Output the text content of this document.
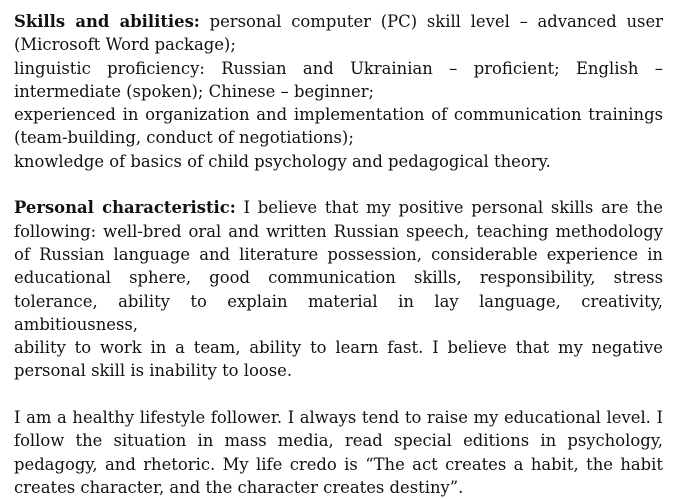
Skills and abilities: personal computer (PC) skill level – advanced user
(Microsoft Word package);
linguistic proficiency: Russian and Ukrainian – proficient; English –
intermediate (spoken); Chinese – beginner;
experienced in organization and implementation of communication trainings
(team-building, conduct of negotiations);
knowledge of basics of child psychology and pedagogical theory.
Personal characteristic: I believe that my positive personal skills are the
following: well-bred oral and written Russian speech, teaching methodology
of Russian language and literature possession, considerable experience in
educational sphere, good communication skills, responsibility, stress
tolerance, ability to explain material in lay language, creativity, ambitiousness,
ability to work in a team, ability to learn fast. I believe that my negative
personal skill is inability to loose.
I am a healthy lifestyle follower. I always tend to raise my educational level. I
follow the situation in mass media, read special editions in psychology,
pedagogy, and rhetoric. My life credo is “The act creates a habit, the habit
creates character, and the character creates destiny”.
